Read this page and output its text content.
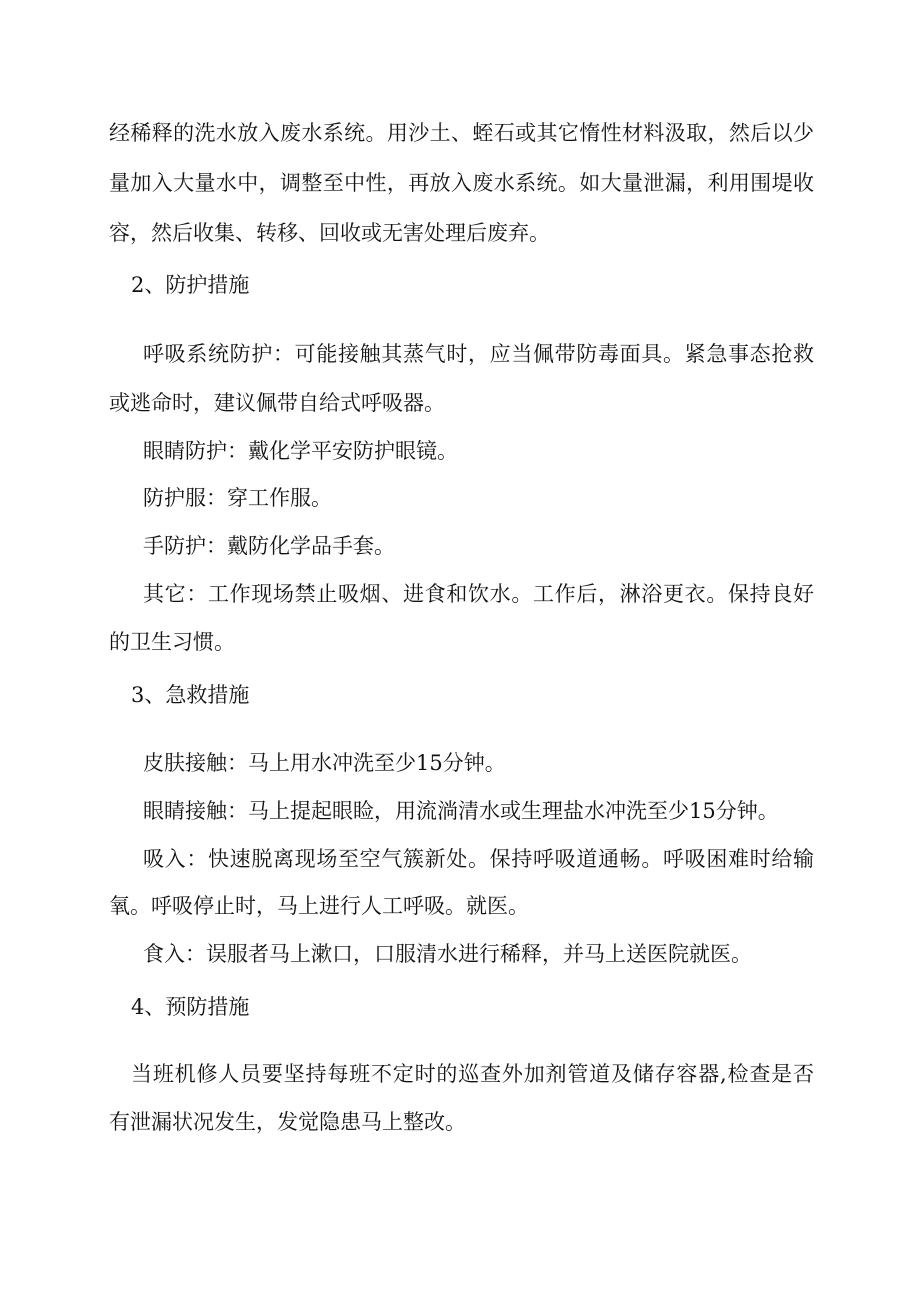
经稀释的洗水放入废水系统。用沙土、蛭石或其它惰性材料汲取，然后以少
量加入大量水中，调整至中性，再放入废水系统。如大量泄漏，利用围堤收
容，然后收集、转移、回收或无害处理后废弃。
2、防护措施
呼吸系统防护：可能接触其蒸气时，应当佩带防毒面具。紧急事态抢救
或逃命时，建议佩带自给式呼吸器。
眼睛防护：戴化学平安防护眼镜。
防护服：穿工作服。
手防护：戴防化学品手套。
其它：工作现场禁止吸烟、进食和饮水。工作后，淋浴更衣。保持良好
的卫生习惯。
3、急救措施
皮肤接触：马上用水冲洗至少15分钟。
眼睛接触：马上提起眼睑，用流淌清水或生理盐水冲洗至少15分钟。
吸入：快速脱离现场至空气簇新处。保持呼吸道通畅。呼吸困难时给输
氧。呼吸停止时，马上进行人工呼吸。就医。
食入：误服者马上漱口，口服清水进行稀释，并马上送医院就医。
4、预防措施
当班机修人员要坚持每班不定时的巡查外加剂管道及储存容器,检查是否
有泄漏状况发生，发觉隐患马上整改。
